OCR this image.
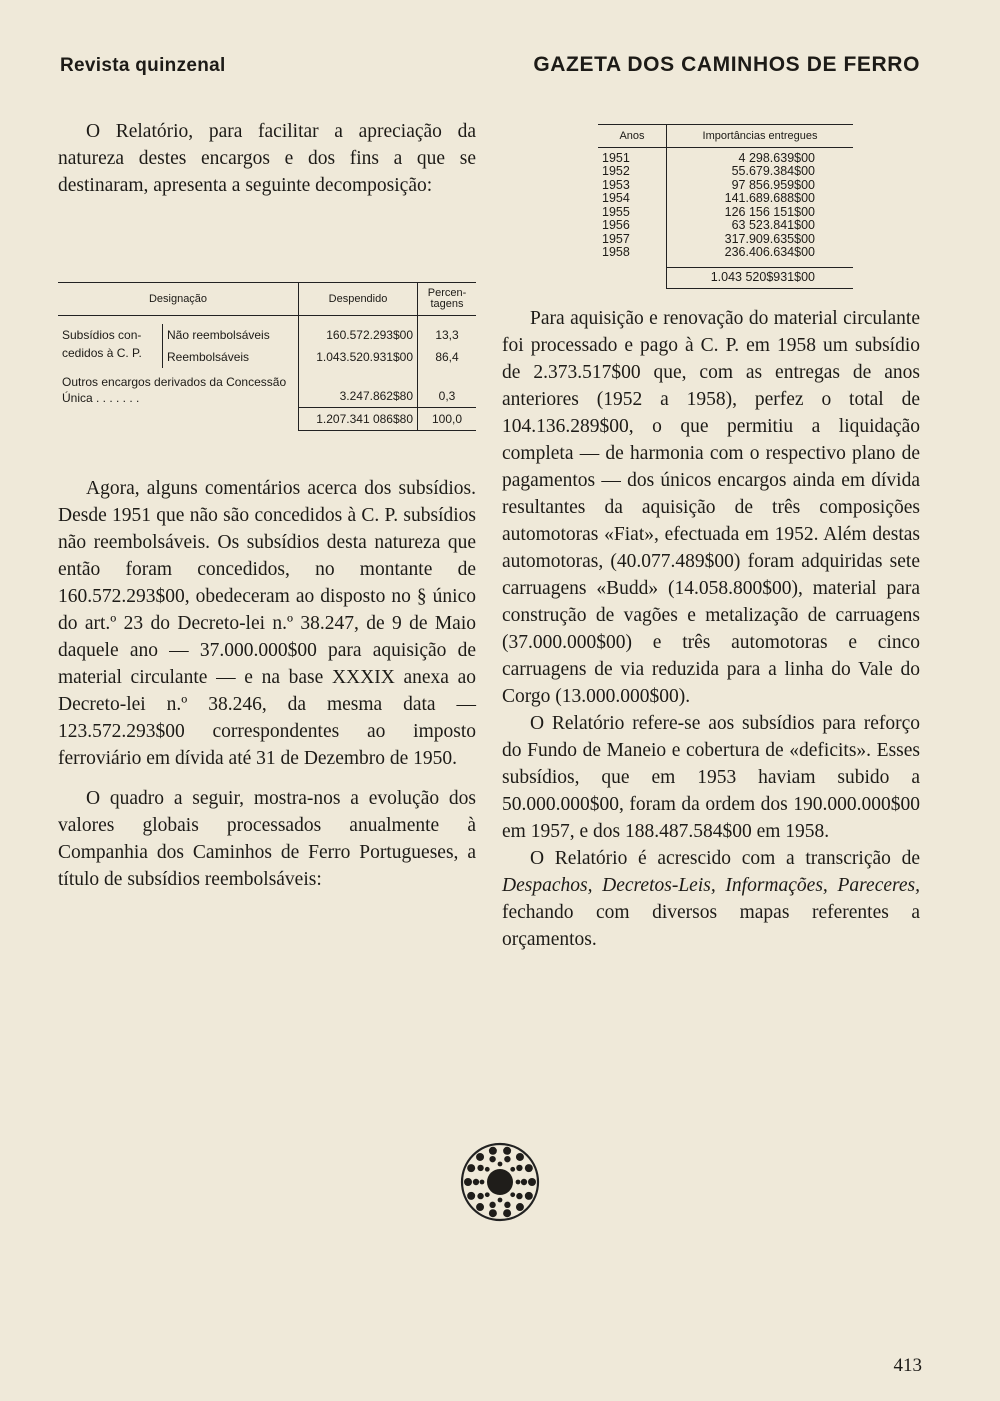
Revista quinzenal	GAZETA DOS CAMINHOS DE FERRO

O Relatório, para facilitar a apreciação da natureza destes encargos e dos fins a que se destinaram, apresenta a seguinte decomposição:

Designação		Despendido	Percen- tagens

Subsídios con- cedidos à C. P.	Não reembolsáveis	160.572.293$00	13,3
	Reembolsáveis	1.043.520.931$00	86,4
Outros encargos derivados da Concessão Única . . . . . . .		3.247.862$80	0,3
		1.207.341 086$80	100,0

Agora, alguns comentários acerca dos subsídios. Desde 1951 que não são concedidos à C. P. subsídios não reembolsáveis. Os subsídios desta natureza que então foram concedidos, no montante de 160.572.293$00, obedeceram ao disposto no § único do art.º 23 do Decreto-lei n.º 38.247, de 9 de Maio daquele ano — 37.000.000$00 para aquisição de material circulante — e na base XXXIX anexa ao Decreto-lei n.º 38.246, da mesma data — 123.572.293$00 correspondentes ao imposto ferroviário em dívida até 31 de Dezembro de 1950.

O quadro a seguir, mostra-nos a evolução dos valores globais processados anualmente à Companhia dos Caminhos de Ferro Portugueses, a título de subsídios reembolsáveis:

Anos	Importâncias entregues

1951	4 298.639$00
1952	55.679.384$00
1953	97 856.959$00
1954	141.689.688$00
1955	126 156 151$00
1956	63 523.841$00
1957	317.909.635$00
1958	236.406.634$00

	1.043 520$931$00

Para aquisição e renovação do material circulante foi processado e pago à C. P. em 1958 um subsídio de 2.373.517$00 que, com as entregas de anos anteriores (1952 a 1958), perfez o total de 104.136.289$00, o que permitiu a liquidação completa — de harmonia com o respectivo plano de pagamentos — dos únicos encargos ainda em dívida resultantes da aquisição de três composições automotoras «Fiat», efectuada em 1952. Além destas automotoras, (40.077.489$00) foram adquiridas sete carruagens «Budd» (14.058.800$00), material para construção de vagões e metalização de carruagens (37.000.000$00) e três automotoras e cinco carruagens de via reduzida para a linha do Vale do Corgo (13.000.000$00).

O Relatório refere-se aos subsídios para reforço do Fundo de Maneio e cobertura de «deficits». Esses subsídios, que em 1953 haviam subido a 50.000.000$00, foram da ordem dos 190.000.000$00 em 1957, e dos 188.487.584$00 em 1958.

O Relatório é acrescido com a transcrição de Despachos, Decretos-Leis, Informações, Pareceres, fechando com diversos mapas referentes a orçamentos.

413
